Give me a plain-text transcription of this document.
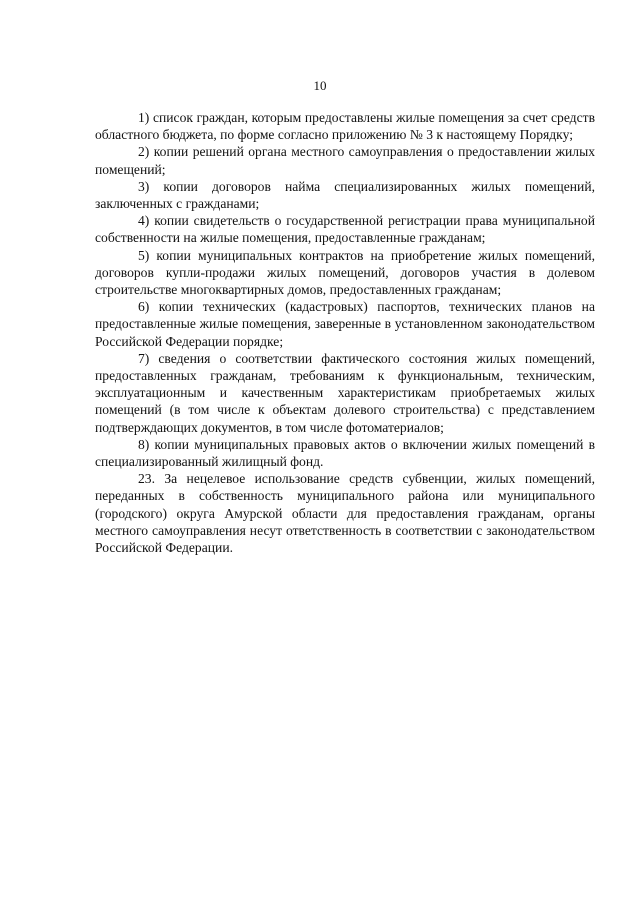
10

1) список граждан, которым предоставлены жилые помещения за счет средств областного бюджета, по форме согласно приложению № 3 к настоящему Порядку;

2) копии решений органа местного самоуправления о предоставлении жилых помещений;

3) копии договоров найма специализированных жилых помещений, заключенных с гражданами;

4) копии свидетельств о государственной регистрации права муниципальной собственности на жилые помещения, предоставленные гражданам;

5) копии муниципальных контрактов на приобретение жилых помещений, договоров купли-продажи жилых помещений, договоров участия в долевом строительстве многоквартирных домов, предоставленных гражданам;

6) копии технических (кадастровых) паспортов, технических планов на предоставленные жилые помещения, заверенные в установленном законодательством Российской Федерации порядке;

7) сведения о соответствии фактического состояния жилых помещений, предоставленных гражданам, требованиям к функциональным, техническим, эксплуатационным и качественным характеристикам приобретаемых жилых помещений (в том числе к объектам долевого строительства) с представлением подтверждающих документов, в том числе фотоматериалов;

8) копии муниципальных правовых актов о включении жилых помещений в специализированный жилищный фонд.

23. За нецелевое использование средств субвенции, жилых помещений, переданных в собственность муниципального района или муниципального (городского) округа Амурской области для предоставления гражданам, органы местного самоуправления несут ответственность в соответствии с законодательством Российской Федерации.
